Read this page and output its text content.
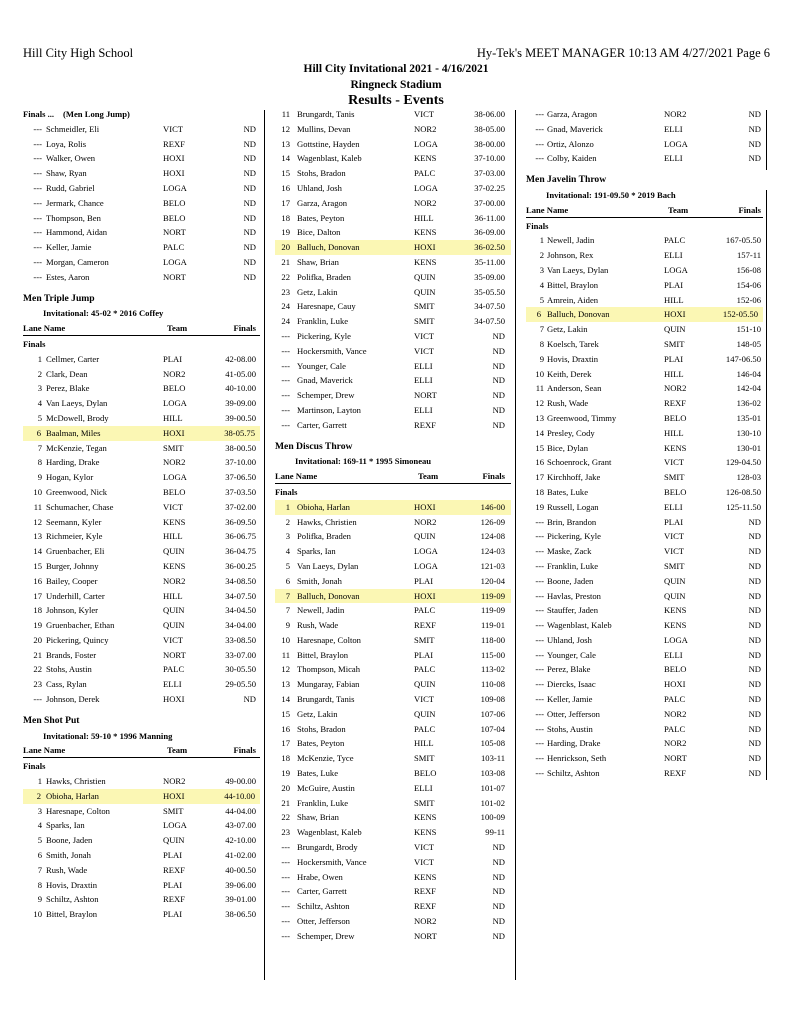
Hill City High School	Hy-Tek's MEET MANAGER 10:13 AM 4/27/2021 Page 6
Hill City Invitational 2021 - 4/16/2021
Ringneck Stadium
Results - Events
Finals ... (Men Long Jump)
--- Schmeidler, Eli	VICT	ND
--- Loya, Rolis	REXF	ND
--- Walker, Owen	HOXI	ND
--- Shaw, Ryan	HOXI	ND
--- Rudd, Gabriel	LOGA	ND
--- Jermark, Chance	BELO	ND
--- Thompson, Ben	BELO	ND
--- Hammond, Aidan	NORT	ND
--- Keller, Jamie	PALC	ND
--- Morgan, Cameron	LOGA	ND
--- Estes, Aaron	NORT	ND
Men Triple Jump
Invitational: 45-02 * 2016 Coffey
Lane Name	Team	Finals
Finals
1 Cellmer, Carter	PLAI	42-08.00
2 Clark, Dean	NOR2	41-05.00
3 Perez, Blake	BELO	40-10.00
4 Van Laeys, Dylan	LOGA	39-09.00
5 McDowell, Brody	HILL	39-00.50
6 Baalman, Miles	HOXI	38-05.75
7 McKenzie, Tegan	SMIT	38-00.50
8 Harding, Drake	NOR2	37-10.00
9 Hogan, Kylor	LOGA	37-06.50
10 Greenwood, Nick	BELO	37-03.50
11 Schumacher, Chase	VICT	37-02.00
12 Seemann, Kyler	KENS	36-09.50
13 Richmeier, Kyle	HILL	36-06.75
14 Gruenbacher, Eli	QUIN	36-04.75
15 Burger, Johnny	KENS	36-00.25
16 Bailey, Cooper	NOR2	34-08.50
17 Underhill, Carter	HILL	34-07.50
18 Johnson, Kyler	QUIN	34-04.50
19 Gruenbacher, Ethan	QUIN	34-04.00
20 Pickering, Quincy	VICT	33-08.50
21 Brands, Foster	NORT	33-07.00
22 Stohs, Austin	PALC	30-05.50
23 Cass, Rylan	ELLI	29-05.50
--- Johnson, Derek	HOXI	ND
Men Shot Put
Invitational: 59-10 * 1996 Manning
Lane Name	Team	Finals
Finals
1 Hawks, Christien	NOR2	49-00.00
2 Obioha, Harlan	HOXI	44-10.00
3 Haresnape, Colton	SMIT	44-04.00
4 Sparks, Ian	LOGA	43-07.00
5 Boone, Jaden	QUIN	42-10.00
6 Smith, Jonah	PLAI	41-02.00
7 Rush, Wade	REXF	40-00.50
8 Hovis, Draxtin	PLAI	39-06.00
9 Schiltz, Ashton	REXF	39-01.00
10 Bittel, Braylon	PLAI	38-06.50
11 Brungardt, Tanis	VICT	38-06.00
12 Mullins, Devan	NOR2	38-05.00
13 Gottstine, Hayden	LOGA	38-00.00
14 Wagenblast, Kaleb	KENS	37-10.00
15 Stohs, Bradon	PALC	37-03.00
16 Uhland, Josh	LOGA	37-02.25
17 Garza, Aragon	NOR2	37-00.00
18 Bates, Peyton	HILL	36-11.00
19 Bice, Dalton	KENS	36-09.00
20 Balluch, Donovan	HOXI	36-02.50
21 Shaw, Brian	KENS	35-11.00
22 Polifka, Braden	QUIN	35-09.00
23 Getz, Lakin	QUIN	35-05.50
24 Haresnape, Cauy	SMIT	34-07.50
24 Franklin, Luke	SMIT	34-07.50
--- Pickering, Kyle	VICT	ND
--- Hockersmith, Vance	VICT	ND
--- Younger, Cale	ELLI	ND
--- Gnad, Maverick	ELLI	ND
--- Schemper, Drew	NORT	ND
--- Martinson, Layton	ELLI	ND
--- Carter, Garrett	REXF	ND
Men Discus Throw
Invitational: 169-11 * 1995 Simoneau
Lane Name	Team	Finals
Finals
1 Obioha, Harlan	HOXI	146-00
2 Hawks, Christien	NOR2	126-09
3 Polifka, Braden	QUIN	124-08
4 Sparks, Ian	LOGA	124-03
5 Van Laeys, Dylan	LOGA	121-03
6 Smith, Jonah	PLAI	120-04
7 Balluch, Donovan	HOXI	119-09
7 Newell, Jadin	PALC	119-09
9 Rush, Wade	REXF	119-01
10 Haresnape, Colton	SMIT	118-00
11 Bittel, Braylon	PLAI	115-00
12 Thompson, Micah	PALC	113-02
13 Mungaray, Fabian	QUIN	110-08
14 Brungardt, Tanis	VICT	109-08
15 Getz, Lakin	QUIN	107-06
16 Stohs, Bradon	PALC	107-04
17 Bates, Peyton	HILL	105-08
18 McKenzie, Tyce	SMIT	103-11
19 Bates, Luke	BELO	103-08
20 McGuire, Austin	ELLI	101-07
21 Franklin, Luke	SMIT	101-02
22 Shaw, Brian	KENS	100-09
23 Wagenblast, Kaleb	KENS	99-11
--- Brungardt, Brody	VICT	ND
--- Hockersmith, Vance	VICT	ND
--- Hrabe, Owen	KENS	ND
--- Carter, Garrett	REXF	ND
--- Schiltz, Ashton	REXF	ND
--- Otter, Jefferson	NOR2	ND
--- Schemper, Drew	NORT	ND
--- Garza, Aragon	NOR2	ND
--- Gnad, Maverick	ELLI	ND
--- Ortiz, Alonzo	LOGA	ND
--- Colby, Kaiden	ELLI	ND
Men Javelin Throw
Invitational: 191-09.50 * 2019 Bach
Lane Name	Team	Finals
Finals
1 Newell, Jadin	PALC	167-05.50
2 Johnson, Rex	ELLI	157-11
3 Van Laeys, Dylan	LOGA	156-08
4 Bittel, Braylon	PLAI	154-06
5 Amrein, Aiden	HILL	152-06
6 Balluch, Donovan	HOXI	152-05.50
7 Getz, Lakin	QUIN	151-10
8 Koelsch, Tarek	SMIT	148-05
9 Hovis, Draxtin	PLAI	147-06.50
10 Keith, Derek	HILL	146-04
11 Anderson, Sean	NOR2	142-04
12 Rush, Wade	REXF	136-02
13 Greenwood, Timmy	BELO	135-01
14 Presley, Cody	HILL	130-10
15 Bice, Dylan	KENS	130-01
16 Schoenrock, Grant	VICT	129-04.50
17 Kirchhoff, Jake	SMIT	128-03
18 Bates, Luke	BELO	126-08.50
19 Russell, Logan	ELLI	125-11.50
--- Brin, Brandon	PLAI	ND
--- Pickering, Kyle	VICT	ND
--- Maske, Zack	VICT	ND
--- Franklin, Luke	SMIT	ND
--- Boone, Jaden	QUIN	ND
--- Havlas, Preston	QUIN	ND
--- Stauffer, Jaden	KENS	ND
--- Wagenblast, Kaleb	KENS	ND
--- Uhland, Josh	LOGA	ND
--- Younger, Cale	ELLI	ND
--- Perez, Blake	BELO	ND
--- Diercks, Isaac	HOXI	ND
--- Keller, Jamie	PALC	ND
--- Otter, Jefferson	NOR2	ND
--- Stohs, Austin	PALC	ND
--- Harding, Drake	NOR2	ND
--- Henrickson, Seth	NORT	ND
--- Schiltz, Ashton	REXF	ND
